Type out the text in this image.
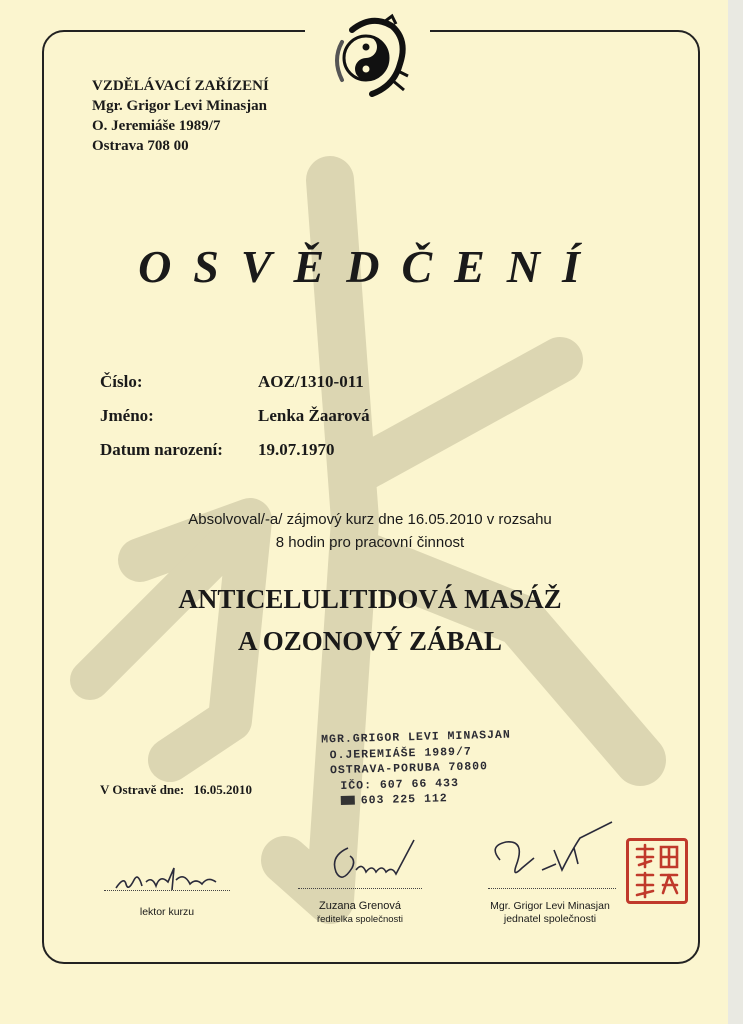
VZDĚLÁVACÍ ZAŘÍZENÍ
Mgr. Grigor Levi Minasjan
O. Jeremiáše 1989/7
Ostrava 708 00
OSVĚDČENÍ
Číslo:	AOZ/1310-011
Jméno:	Lenka Žaarová
Datum narození: 19.07.1970
Absolvoval/-a/ zájmový kurz dne 16.05.2010 v rozsahu
8 hodin pro pracovní činnost
ANTICELULITIDOVÁ MASÁŽ
A OZONOVÝ ZÁBAL
MGR.GRIGOR LEVI MINASJAN
O.JEREMIÁŠE 1989/7
OSTRAVA-PORUBA 70800
IČO: 607 66 433
603 225 112
V Ostravě dne: 16.05.2010
lektor kurzu	Zuzana Grenová
ředitelka společnosti
Mgr. Grigor Levi Minasjan
jednatel společnosti
